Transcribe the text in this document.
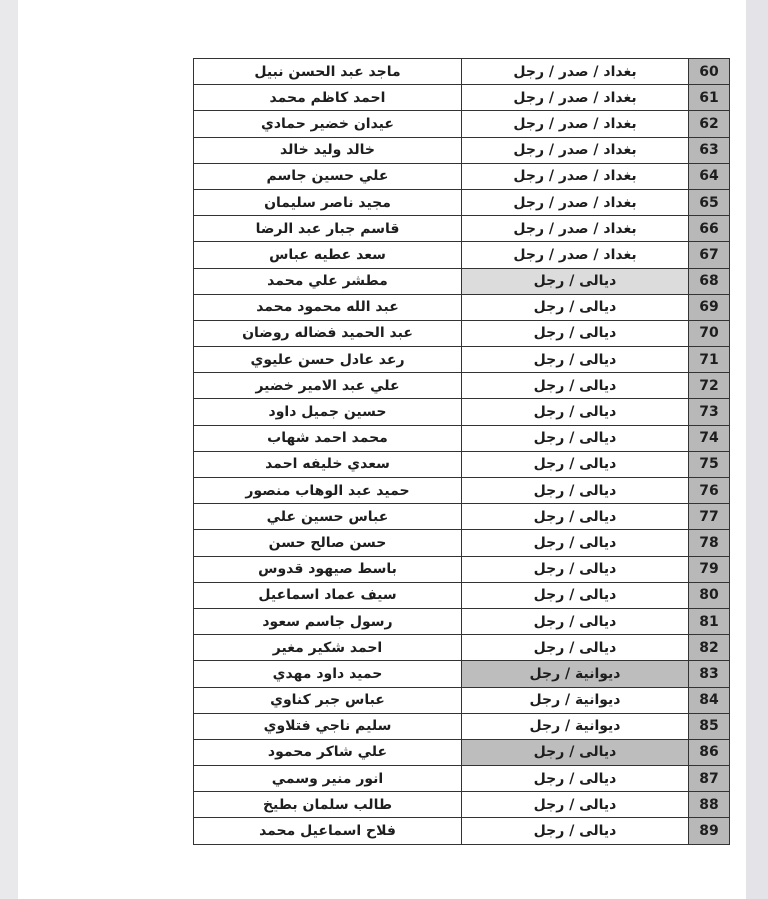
ماجد عبد الحسن نبيل	بغداد / صدر / رجل	60
احمد كاظم محمد	بغداد / صدر / رجل	61
عيدان خضير حمادي	بغداد / صدر / رجل	62
خالد وليد خالد	بغداد / صدر / رجل	63
علي حسين جاسم	بغداد / صدر / رجل	64
مجيد ناصر سليمان	بغداد / صدر / رجل	65
قاسم جبار عبد الرضا	بغداد / صدر / رجل	66
سعد عطيه عباس	بغداد / صدر / رجل	67
مطشر علي محمد	ديالى / رجل	68
عبد الله محمود محمد	ديالى / رجل	69
عبد الحميد فضاله روضان	ديالى / رجل	70
رعد عادل حسن عليوي	ديالى / رجل	71
علي عبد الامير خضير	ديالى / رجل	72
حسين جميل داود	ديالى / رجل	73
محمد احمد شهاب	ديالى / رجل	74
سعدي خليفه احمد	ديالى / رجل	75
حميد عبد الوهاب منصور	ديالى / رجل	76
عباس حسين علي	ديالى / رجل	77
حسن صالح حسن	ديالى / رجل	78
باسط صيهود قدوس	ديالى / رجل	79
سيف عماد اسماعيل	ديالى / رجل	80
رسول جاسم سعود	ديالى / رجل	81
احمد شكير مغير	ديالى / رجل	82
حميد داود مهدي	ديوانية / رجل	83
عباس جبر كناوي	ديوانية / رجل	84
سليم ناجي فتلاوي	ديوانية / رجل	85
علي شاكر محمود	ديالى / رجل	86
انور منير وسمي	ديالى / رجل	87
طالب سلمان بطيخ	ديالى / رجل	88
فلاح اسماعيل محمد	ديالى / رجل	89
